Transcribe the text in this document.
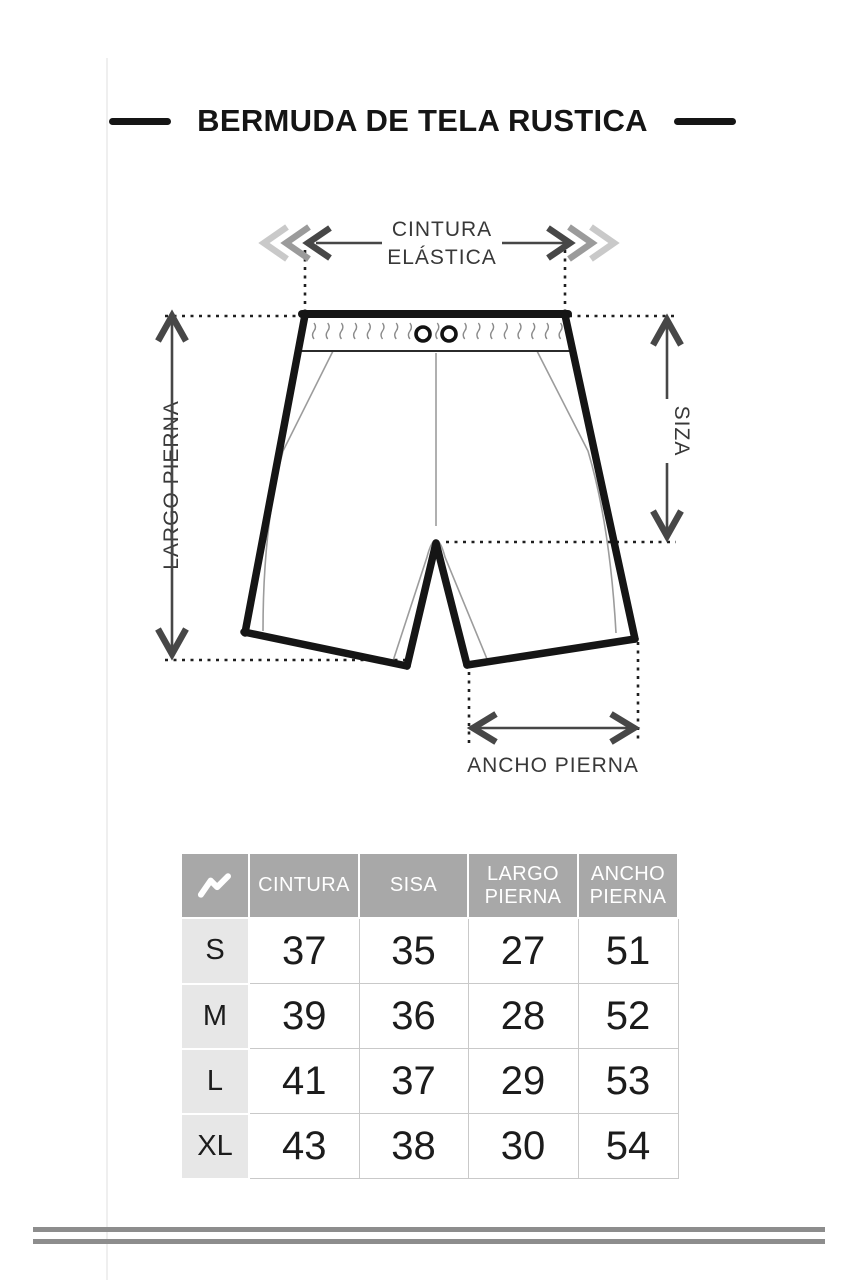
BERMUDA DE TELA RUSTICA
CINTURA
ELÁSTICA
LARGO PIERNA	SIZA
ANCHO PIERNA
	CINTURA	SISA	LARGO PIERNA	ANCHO PIERNA
S	37	35	27	51
M	39	36	28	52
L	41	37	29	53
XL	43	38	30	54
